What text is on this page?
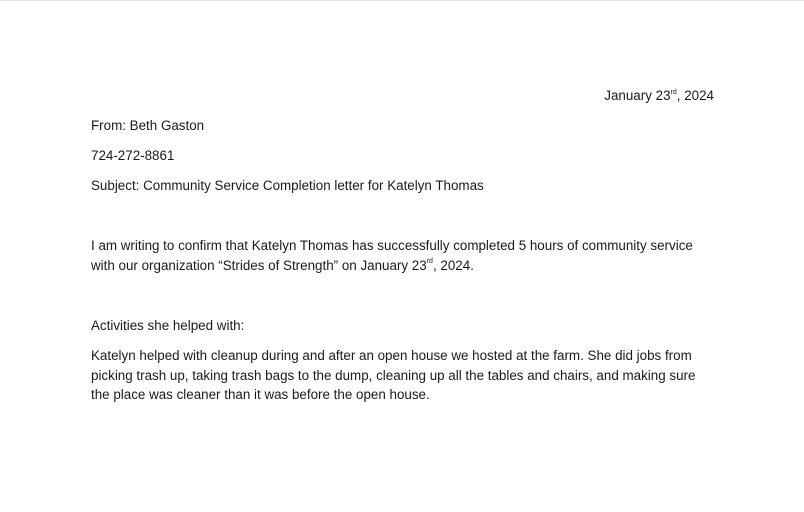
January 23rd, 2024

From: Beth Gaston

724-272-8861

Subject: Community Service Completion letter for Katelyn Thomas

I am writing to confirm that Katelyn Thomas has successfully completed 5 hours of community service with our organization “Strides of Strength” on January 23rd, 2024.

Activities she helped with:

Katelyn helped with cleanup during and after an open house we hosted at the farm. She did jobs from picking trash up, taking trash bags to the dump, cleaning up all the tables and chairs, and making sure the place was cleaner than it was before the open house.
